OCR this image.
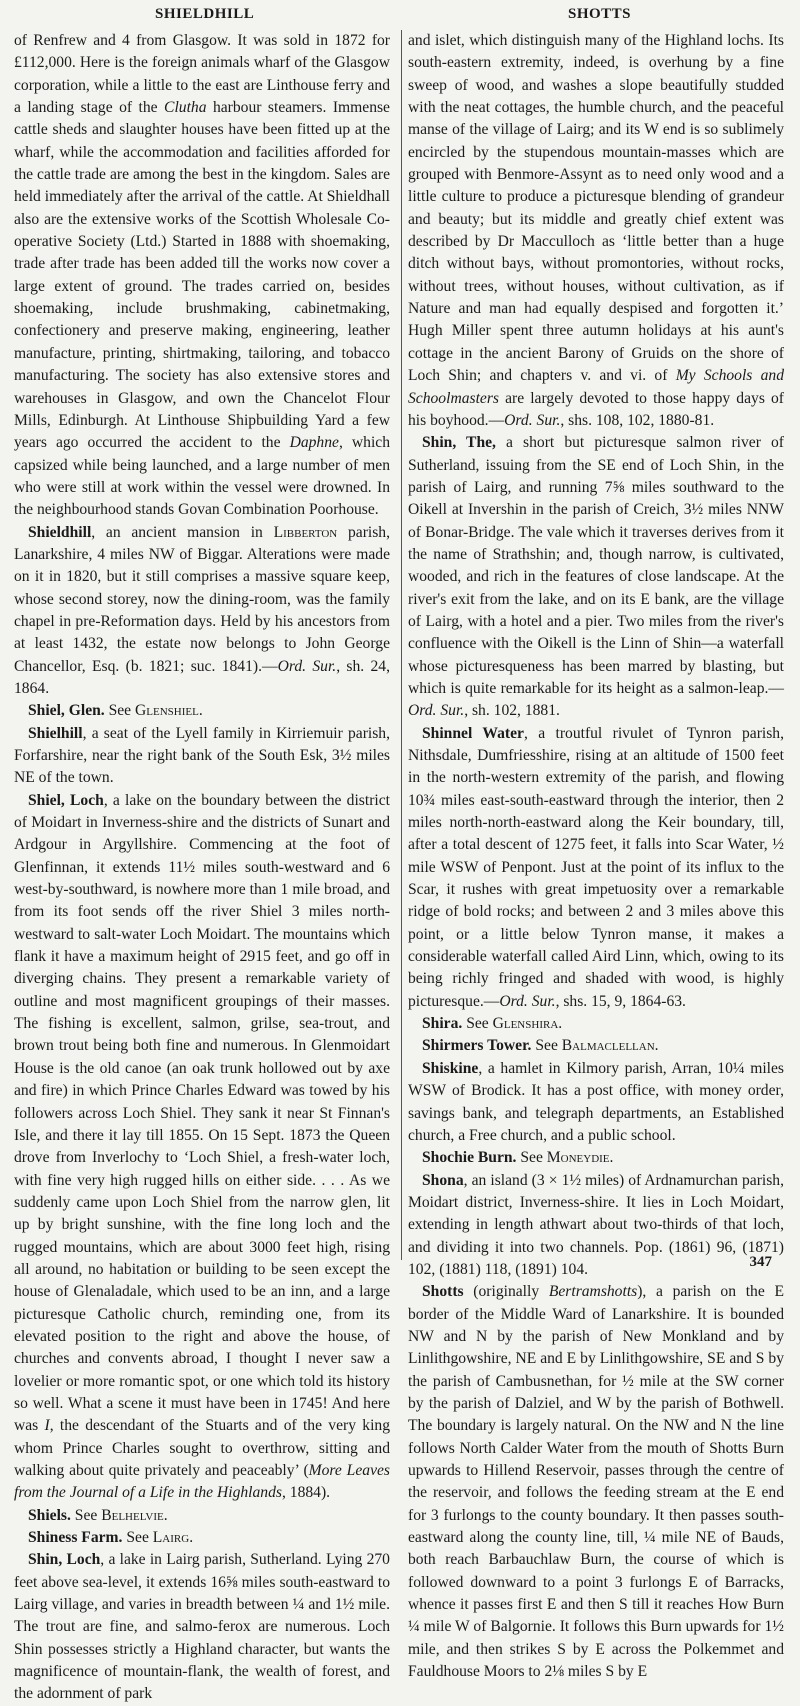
SHIELDHILL	SHOTTS

of Renfrew and 4 from Glasgow. It was sold in 1872 for £112,000. Here is the foreign animals wharf of the Glasgow corporation, while a little to the east are Linthouse ferry and a landing stage of the Clutha harbour steamers. Immense cattle sheds and slaughter houses have been fitted up at the wharf, while the accommodation and facilities afforded for the cattle trade are among the best in the kingdom. Sales are held immediately after the arrival of the cattle. At Shieldhall also are the extensive works of the Scottish Wholesale Co-operative Society (Ltd.) Started in 1888 with shoemaking, trade after trade has been added till the works now cover a large extent of ground. The trades carried on, besides shoemaking, include brushmaking, cabinetmaking, confectionery and preserve making, engineering, leather manufacture, printing, shirtmaking, tailoring, and tobacco manufacturing. The society has also extensive stores and warehouses in Glasgow, and own the Chancelot Flour Mills, Edinburgh. At Linthouse Shipbuilding Yard a few years ago occurred the accident to the Daphne, which capsized while being launched, and a large number of men who were still at work within the vessel were drowned. In the neighbourhood stands Govan Combination Poorhouse.

Shieldhill, an ancient mansion in Libberton parish, Lanarkshire, 4 miles NW of Biggar. Alterations were made on it in 1820, but it still comprises a massive square keep, whose second storey, now the dining-room, was the family chapel in pre-Reformation days. Held by his ancestors from at least 1432, the estate now belongs to John George Chancellor, Esq. (b. 1821; suc. 1841).—Ord. Sur., sh. 24, 1864.

Shiel, Glen. See Glenshiel.

Shielhill, a seat of the Lyell family in Kirriemuir parish, Forfarshire, near the right bank of the South Esk, 3½ miles NE of the town.

Shiel, Loch, a lake on the boundary between the district of Moidart in Inverness-shire and the districts of Sunart and Ardgour in Argyllshire. Commencing at the foot of Glenfinnan, it extends 11½ miles south-westward and 6 west-by-southward, is nowhere more than 1 mile broad, and from its foot sends off the river Shiel 3 miles north-westward to salt-water Loch Moidart. The mountains which flank it have a maximum height of 2915 feet, and go off in diverging chains. They present a remarkable variety of outline and most magnificent groupings of their masses. The fishing is excellent, salmon, grilse, sea-trout, and brown trout being both fine and numerous. In Glenmoidart House is the old canoe (an oak trunk hollowed out by axe and fire) in which Prince Charles Edward was towed by his followers across Loch Shiel. They sank it near St Finnan's Isle, and there it lay till 1855. On 15 Sept. 1873 the Queen drove from Inverlochy to ‘Loch Shiel, a fresh-water loch, with fine very high rugged hills on either side. . . . As we suddenly came upon Loch Shiel from the narrow glen, lit up by bright sunshine, with the fine long loch and the rugged mountains, which are about 3000 feet high, rising all around, no habitation or building to be seen except the house of Glenaladale, which used to be an inn, and a large picturesque Catholic church, reminding one, from its elevated position to the right and above the house, of churches and convents abroad, I thought I never saw a lovelier or more romantic spot, or one which told its history so well. What a scene it must have been in 1745! And here was I, the descendant of the Stuarts and of the very king whom Prince Charles sought to overthrow, sitting and walking about quite privately and peaceably’ (More Leaves from the Journal of a Life in the Highlands, 1884).

Shiels. See Belhelvie.

Shiness Farm. See Lairg.

Shin, Loch, a lake in Lairg parish, Sutherland. Lying 270 feet above sea-level, it extends 16⅝ miles south-eastward to Lairg village, and varies in breadth between ¼ and 1½ mile. The trout are fine, and salmo-ferox are numerous. Loch Shin possesses strictly a Highland character, but wants the magnificence of mountain-flank, the wealth of forest, and the adornment of park

and islet, which distinguish many of the Highland lochs. Its south-eastern extremity, indeed, is overhung by a fine sweep of wood, and washes a slope beautifully studded with the neat cottages, the humble church, and the peaceful manse of the village of Lairg; and its W end is so sublimely encircled by the stupendous mountain-masses which are grouped with Benmore-Assynt as to need only wood and a little culture to produce a picturesque blending of grandeur and beauty; but its middle and greatly chief extent was described by Dr Macculloch as ‘little better than a huge ditch without bays, without promontories, without rocks, without trees, without houses, without cultivation, as if Nature and man had equally despised and forgotten it.’ Hugh Miller spent three autumn holidays at his aunt's cottage in the ancient Barony of Gruids on the shore of Loch Shin; and chapters v. and vi. of My Schools and Schoolmasters are largely devoted to those happy days of his boyhood.—Ord. Sur., shs. 108, 102, 1880-81.

Shin, The, a short but picturesque salmon river of Sutherland, issuing from the SE end of Loch Shin, in the parish of Lairg, and running 7⅝ miles southward to the Oikell at Invershin in the parish of Creich, 3½ miles NNW of Bonar-Bridge. The vale which it traverses derives from it the name of Strathshin; and, though narrow, is cultivated, wooded, and rich in the features of close landscape. At the river's exit from the lake, and on its E bank, are the village of Lairg, with a hotel and a pier. Two miles from the river's confluence with the Oikell is the Linn of Shin—a waterfall whose picturesqueness has been marred by blasting, but which is quite remarkable for its height as a salmon-leap.—Ord. Sur., sh. 102, 1881.

Shinnel Water, a troutful rivulet of Tynron parish, Nithsdale, Dumfriesshire, rising at an altitude of 1500 feet in the north-western extremity of the parish, and flowing 10¾ miles east-south-eastward through the interior, then 2 miles north-north-eastward along the Keir boundary, till, after a total descent of 1275 feet, it falls into Scar Water, ½ mile WSW of Penpont. Just at the point of its influx to the Scar, it rushes with great impetuosity over a remarkable ridge of bold rocks; and between 2 and 3 miles above this point, or a little below Tynron manse, it makes a considerable waterfall called Aird Linn, which, owing to its being richly fringed and shaded with wood, is highly picturesque.—Ord. Sur., shs. 15, 9, 1864-63.

Shira. See Glenshira.

Shirmers Tower. See Balmaclellan.

Shiskine, a hamlet in Kilmory parish, Arran, 10¼ miles WSW of Brodick. It has a post office, with money order, savings bank, and telegraph departments, an Established church, a Free church, and a public school.

Shochie Burn. See Moneydie.

Shona, an island (3 × 1½ miles) of Ardnamurchan parish, Moidart district, Inverness-shire. It lies in Loch Moidart, extending in length athwart about two-thirds of that loch, and dividing it into two channels. Pop. (1861) 96, (1871) 102, (1881) 118, (1891) 104.

Shotts (originally Bertramshotts), a parish on the E border of the Middle Ward of Lanarkshire. It is bounded NW and N by the parish of New Monkland and by Linlithgowshire, NE and E by Linlithgowshire, SE and S by the parish of Cambusnethan, for ½ mile at the SW corner by the parish of Dalziel, and W by the parish of Bothwell. The boundary is largely natural. On the NW and N the line follows North Calder Water from the mouth of Shotts Burn upwards to Hillend Reservoir, passes through the centre of the reservoir, and follows the feeding stream at the E end for 3 furlongs to the county boundary. It then passes south-eastward along the county line, till, ¼ mile NE of Bauds, both reach Barbauchlaw Burn, the course of which is followed downward to a point 3 furlongs E of Barracks, whence it passes first E and then S till it reaches How Burn ¼ mile W of Balgornie. It follows this Burn upwards for 1½ mile, and then strikes S by E across the Polkemmet and Fauldhouse Moors to 2⅛ miles S by E

347
